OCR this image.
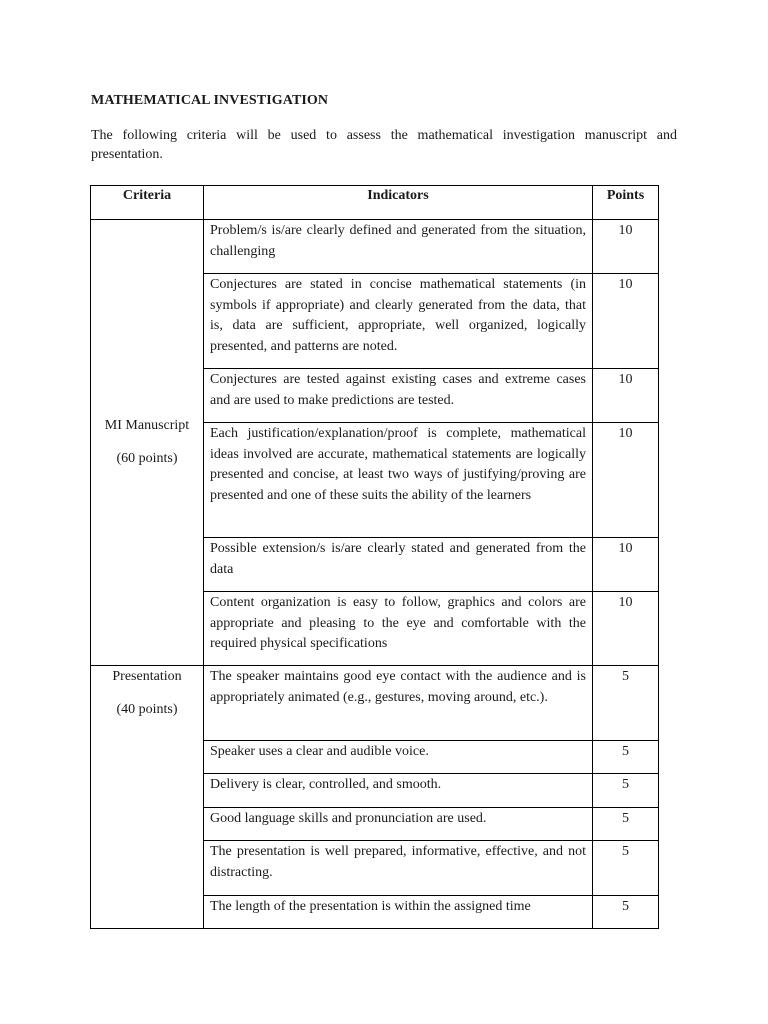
MATHEMATICAL INVESTIGATION

The following criteria will be used to assess the mathematical investigation manuscript and presentation.

Criteria	Indicators	Points

MI Manuscript
(60 points)	Problem/s is/are clearly defined and generated from the situation, challenging	10
	Conjectures are stated in concise mathematical statements (in symbols if appropriate) and clearly generated from the data, that is, data are sufficient, appropriate, well organized, logically presented, and patterns are noted.	10
	Conjectures are tested against existing cases and extreme cases and are used to make predictions are tested.	10
	Each justification/explanation/proof is complete, mathematical ideas involved are accurate, mathematical statements are logically presented and concise, at least two ways of justifying/proving are presented and one of these suits the ability of the learners	10
	Possible extension/s is/are clearly stated and generated from the data	10
	Content organization is easy to follow, graphics and colors are appropriate and pleasing to the eye and comfortable with the required physical specifications	10

Presentation
(40 points)	The speaker maintains good eye contact with the audience and is appropriately animated (e.g., gestures, moving around, etc.).	5
	Speaker uses a clear and audible voice.	5
	Delivery is clear, controlled, and smooth.	5
	Good language skills and pronunciation are used.	5
	The presentation is well prepared, informative, effective, and not distracting.	5
	The length of the presentation is within the assigned time	5
